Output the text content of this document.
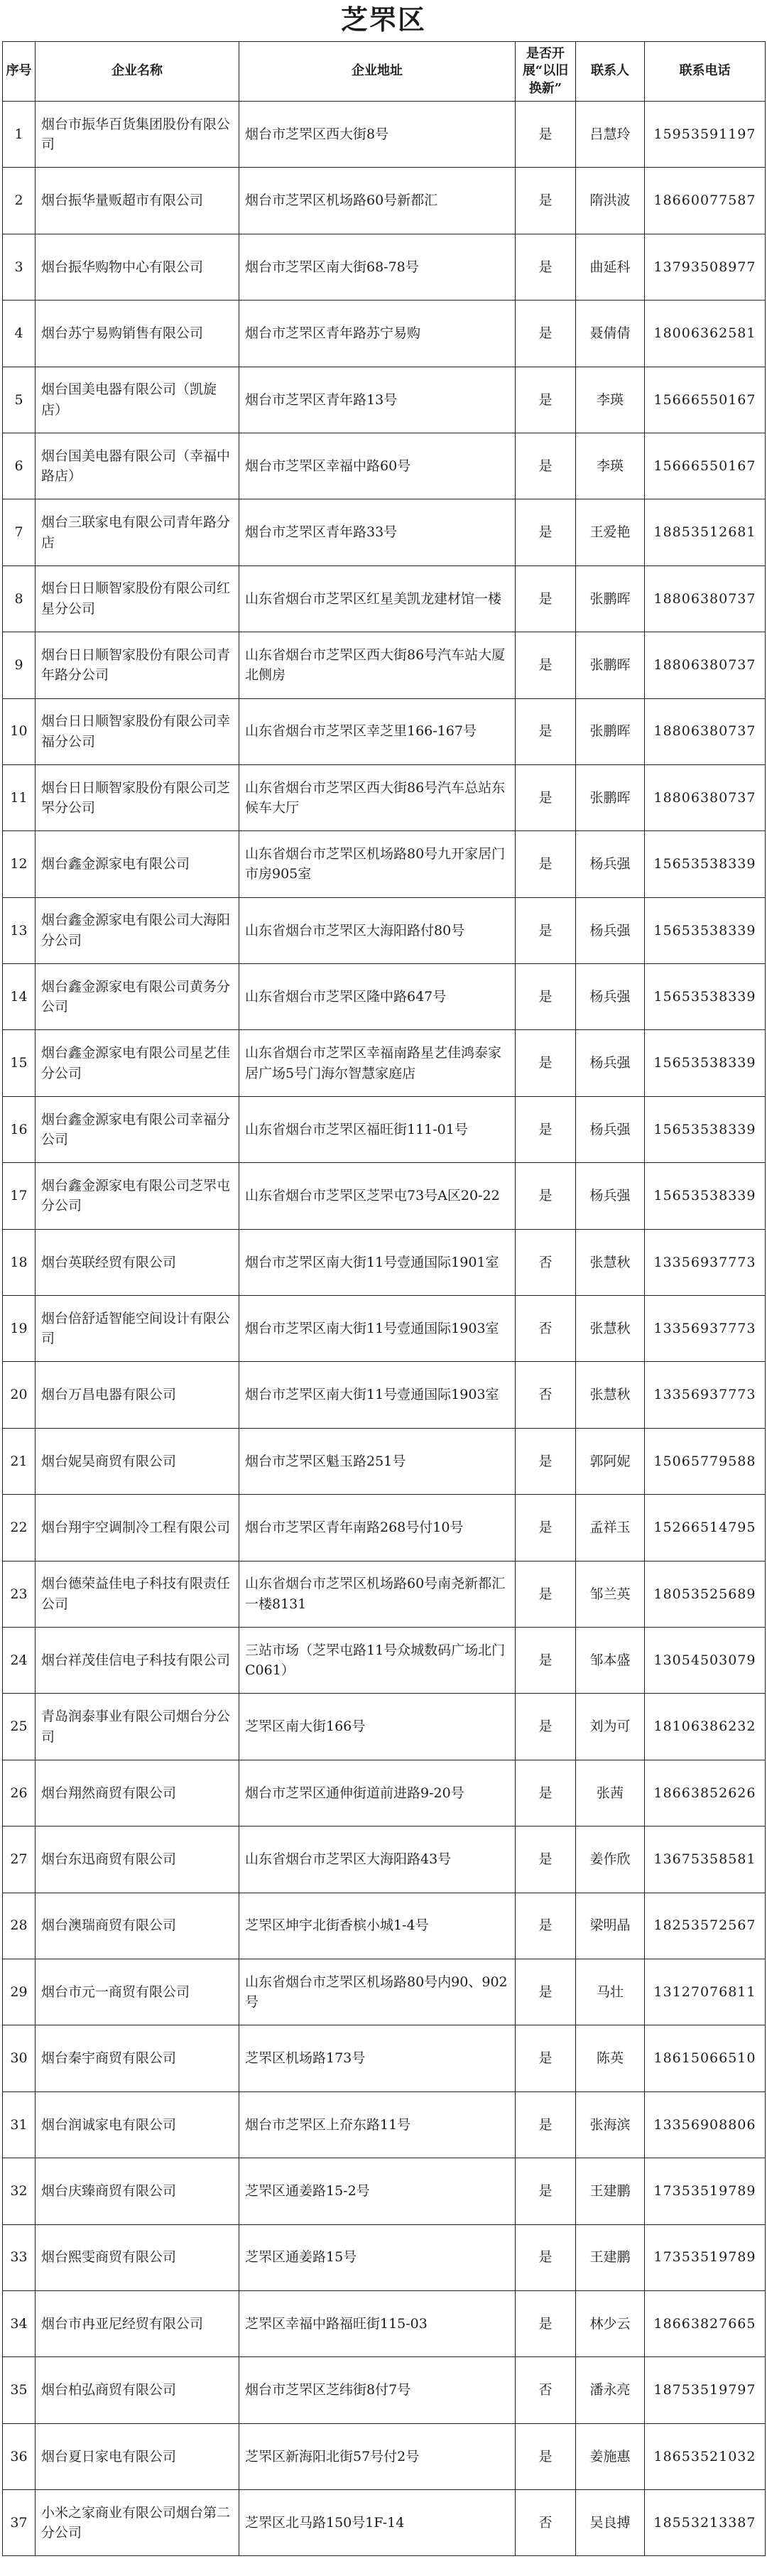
芝罘区
序号	企业名称	企业地址	是否开展“以旧换新”	联系人	联系电话
1	烟台市振华百货集团股份有限公司	烟台市芝罘区西大街8号	是	吕慧玲	15953591197
2	烟台振华量贩超市有限公司	烟台市芝罘区机场路60号新都汇	是	隋洪波	18660077587
3	烟台振华购物中心有限公司	烟台市芝罘区南大街68-78号	是	曲延科	13793508977
4	烟台苏宁易购销售有限公司	烟台市芝罘区青年路苏宁易购	是	聂倩倩	18006362581
5	烟台国美电器有限公司（凯旋店）	烟台市芝罘区青年路13号	是	李瑛	15666550167
6	烟台国美电器有限公司（幸福中路店）	烟台市芝罘区幸福中路60号	是	李瑛	15666550167
7	烟台三联家电有限公司青年路分店	烟台市芝罘区青年路33号	是	王爱艳	18853512681
8	烟台日日顺智家股份有限公司红星分公司	山东省烟台市芝罘区红星美凯龙建材馆一楼	是	张鹏晖	18806380737
9	烟台日日顺智家股份有限公司青年路分公司	山东省烟台市芝罘区西大街86号汽车站大厦北侧房	是	张鹏晖	18806380737
10	烟台日日顺智家股份有限公司幸福分公司	山东省烟台市芝罘区幸芝里166-167号	是	张鹏晖	18806380737
11	烟台日日顺智家股份有限公司芝罘分公司	山东省烟台市芝罘区西大街86号汽车总站东候车大厅	是	张鹏晖	18806380737
12	烟台鑫金源家电有限公司	山东省烟台市芝罘区机场路80号九开家居门市房905室	是	杨兵强	15653538339
13	烟台鑫金源家电有限公司大海阳分公司	山东省烟台市芝罘区大海阳路付80号	是	杨兵强	15653538339
14	烟台鑫金源家电有限公司黄务分公司	山东省烟台市芝罘区隆中路647号	是	杨兵强	15653538339
15	烟台鑫金源家电有限公司星艺佳分公司	山东省烟台市芝罘区幸福南路星艺佳鸿泰家居广场5号门海尔智慧家庭店	是	杨兵强	15653538339
16	烟台鑫金源家电有限公司幸福分公司	山东省烟台市芝罘区福旺街111-01号	是	杨兵强	15653538339
17	烟台鑫金源家电有限公司芝罘屯分公司	山东省烟台市芝罘区芝罘屯73号A区20-22	是	杨兵强	15653538339
18	烟台英联经贸有限公司	烟台市芝罘区南大街11号壹通国际1901室	否	张慧秋	13356937773
19	烟台倍舒适智能空间设计有限公司	烟台市芝罘区南大街11号壹通国际1903室	否	张慧秋	13356937773
20	烟台万昌电器有限公司	烟台市芝罘区南大街11号壹通国际1903室	否	张慧秋	13356937773
21	烟台妮昊商贸有限公司	烟台市芝罘区魁玉路251号	是	郭阿妮	15065779588
22	烟台翔宇空调制冷工程有限公司	烟台市芝罘区青年南路268号付10号	是	孟祥玉	15266514795
23	烟台德荣益佳电子科技有限责任公司	山东省烟台市芝罘区机场路60号南尧新都汇一楼8131	是	邹兰英	18053525689
24	烟台祥茂佳信电子科技有限公司	三站市场（芝罘屯路11号众城数码广场北门C061）	是	邹本盛	13054503079
25	青岛润泰事业有限公司烟台分公司	芝罘区南大街166号	是	刘为可	18106386232
26	烟台翔然商贸有限公司	烟台市芝罘区通伸街道前进路9-20号	是	张茜	18663852626
27	烟台东迅商贸有限公司	山东省烟台市芝罘区大海阳路43号	是	姜作欣	13675358581
28	烟台澳瑞商贸有限公司	芝罘区坤宇北街香槟小城1-4号	是	梁明晶	18253572567
29	烟台市元一商贸有限公司	山东省烟台市芝罘区机场路80号内90、902号	是	马壮	13127076811
30	烟台秦宇商贸有限公司	芝罘区机场路173号	是	陈英	18615066510
31	烟台润诚家电有限公司	烟台市芝罘区上夼东路11号	是	张海滨	13356908806
32	烟台庆臻商贸有限公司	芝罘区通姜路15-2号	是	王建鹏	17353519789
33	烟台熙雯商贸有限公司	芝罘区通姜路15号	是	王建鹏	17353519789
34	烟台市冉亚尼经贸有限公司	芝罘区幸福中路福旺街115-03	是	林少云	18663827665
35	烟台柏弘商贸有限公司	烟台市芝罘区芝纬街8付7号	否	潘永亮	18753519797
36	烟台夏日家电有限公司	芝罘区新海阳北街57号付2号	是	姜施惠	18653521032
37	小米之家商业有限公司烟台第二分公司	芝罘区北马路150号1F-14	否	吴良搏	18553213387
